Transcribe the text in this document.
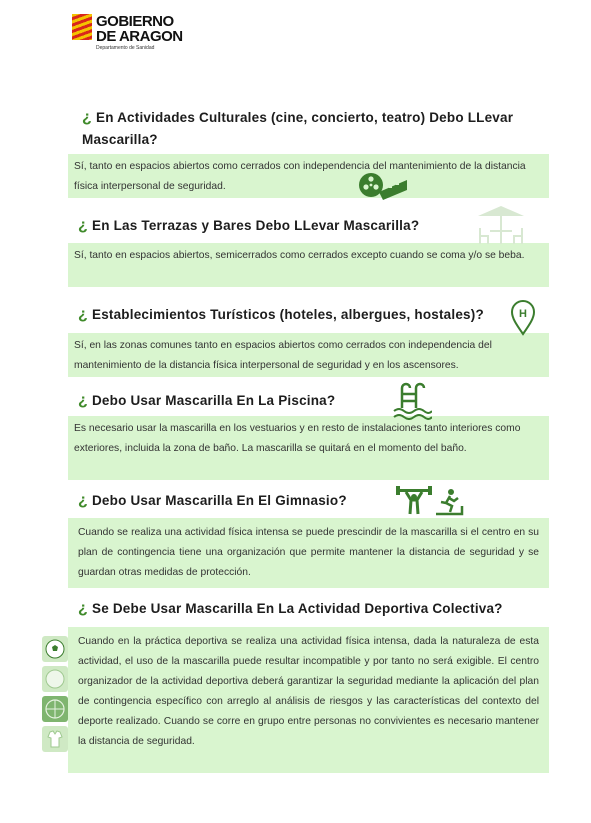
GOBIERNO
DE ARAGON
Departamento de Sanidad
¿ En Actividades Culturales (cine, concierto, teatro) Debo LLevar
Mascarilla?
Sí, tanto en espacios abiertos como cerrados con independencia del mantenimiento de la distancia física interpersonal de seguridad.
¿ En Las Terrazas y Bares Debo LLevar Mascarilla?
Sí, tanto en espacios abiertos, semicerrados como cerrados excepto cuando se coma y/o se beba.
¿ Establecimientos Turísticos (hoteles, albergues, hostales)?
Sí, en las zonas comunes tanto en espacios abiertos como cerrados con independencia del mantenimiento de la distancia física interpersonal de seguridad y en los ascensores.
H
¿ Debo Usar Mascarilla En La Piscina?
Es necesario usar la mascarilla en los vestuarios y en resto de instalaciones tanto interiores como exteriores, incluida la zona de baño. La mascarilla se quitará en el momento del baño.
¿ Debo Usar Mascarilla En El Gimnasio?
Cuando se realiza una actividad física intensa se puede prescindir de la mascarilla si el centro en su plan de contingencia tiene una organización que permite mantener la distancia de seguridad y se guardan otras medidas de protección.
¿ Se Debe Usar Mascarilla En La Actividad Deportiva Colectiva?
Cuando en la práctica deportiva se realiza una actividad física intensa, dada la naturaleza de esta actividad, el uso de la mascarilla puede resultar incompatible y por tanto no será exigible. El centro organizador de la actividad deportiva deberá garantizar la seguridad mediante la aplicación del plan de contingencia específico con arreglo al análisis de riesgos y las características del contexto del deporte realizado. Cuando se corre en grupo entre personas no convivientes es necesario mantener la distancia de seguridad.
